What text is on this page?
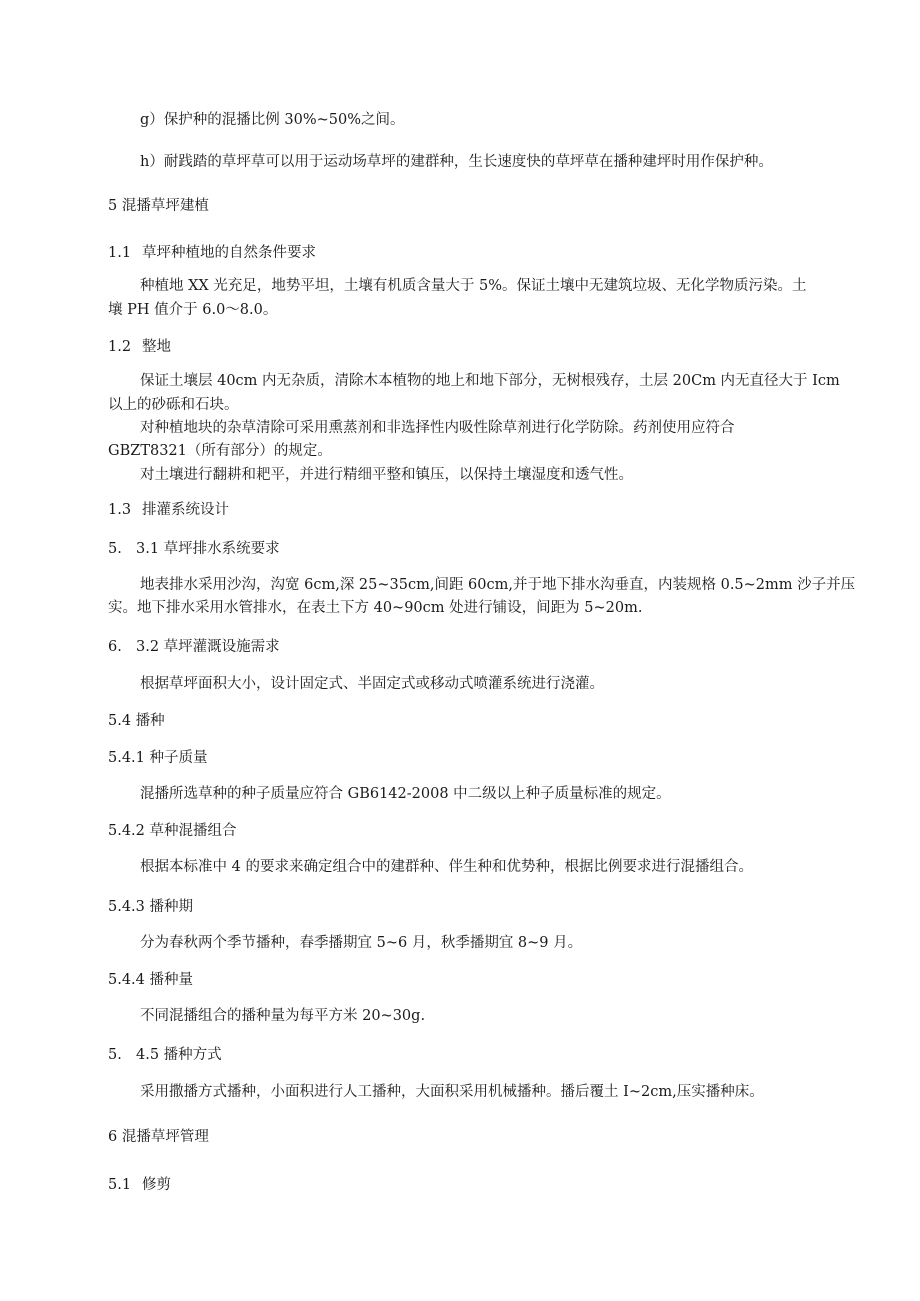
g）保护种的混播比例 30%~50%之间。

h）耐践踏的草坪草可以用于运动场草坪的建群种，生长速度快的草坪草在播种建坪时用作保护种。

5 混播草坪建植

1.1 草坪种植地的自然条件要求

种植地 XX 光充足，地势平坦，土壤有机质含量大于 5%。保证土壤中无建筑垃圾、无化学物质污染。土

壤 PH 值介于 6.0～8.0。

1.2 整地

保证土壤层 40cm 内无杂质，清除木本植物的地上和地下部分，无树根残存，土层 20Cm 内无直径大于 Icm

以上的砂砾和石块。

对种植地块的杂草清除可采用熏蒸剂和非选择性内吸性除草剂进行化学防除。药剂使用应符合

GBZT8321（所有部分）的规定。

对土壤进行翻耕和耙平，并进行精细平整和镇压，以保持土壤湿度和透气性。

1.3 排灌系统设计

5. 3.1 草坪排水系统要求

地表排水采用沙沟，沟宽 6cm,深 25~35cm,间距 60cm,并于地下排水沟垂直，内装规格 0.5~2mm 沙子并压

实。地下排水采用水管排水，在表土下方 40~90cm 处进行铺设，间距为 5~20m.

6. 3.2 草坪灌溉设施需求

根据草坪面积大小，设计固定式、半固定式或移动式喷灌系统进行浇灌。

5.4 播种

5.4.1 种子质量

混播所选草种的种子质量应符合 GB6142-2008 中二级以上种子质量标准的规定。

5.4.2 草种混播组合

根据本标准中 4 的要求来确定组合中的建群种、伴生种和优势种，根据比例要求进行混播组合。

5.4.3 播种期

分为春秋两个季节播种，春季播期宜 5~6 月，秋季播期宜 8~9 月。

5.4.4 播种量

不同混播组合的播种量为每平方米 20~30g.

5. 4.5 播种方式

采用撒播方式播种，小面积进行人工播种，大面积采用机械播种。播后覆土 I~2cm,压实播种床。

6 混播草坪管理

5.1 修剪
